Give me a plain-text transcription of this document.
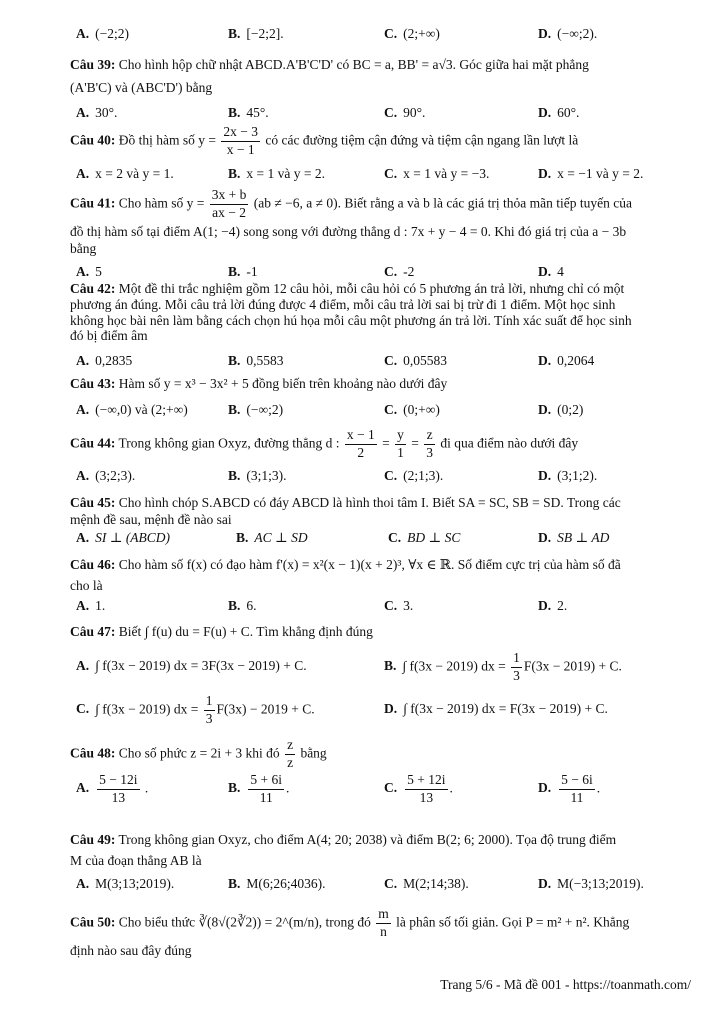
A. (−2;2)	B. [−2;2].	C. (2;+∞)	D. (−∞;2).
Câu 39: Cho hình hộp chữ nhật ABCD.A'B'C'D' có BC = a, BB' = a√3. Góc giữa hai mặt phẳng
(A'B'C) và (ABC'D') bằng
A. 30°.	B. 45°.	C. 90°.	D. 60°.
Câu 40: Đồ thị hàm số $y = \frac{2x - 3}{x - 1}$ có các đường tiệm cận đứng và tiệm cận ngang lần lượt là
A. x = 2 và y = 1.	B. x = 1 và y = 2.	C. x = 1 và y = −3.	D. x = −1 và y = 2.
Câu 41: Cho hàm số $y = \frac{3x + b}{ax - 2} (ab \ne -6$, a ≠ 0). Biết rằng a và b là các giá trị thỏa mãn tiếp tuyến của
đồ thị hàm số tại điểm A(1; −4) song song với đường thẳng d : 7x + y − 4 = 0. Khi đó giá trị của a − 3b
bằng
A. 5	B. -1	C. -2	D. 4
Câu 42: Một đề thi trắc nghiệm gồm 12 câu hỏi, mỗi câu hỏi có 5 phương án trả lời, nhưng chỉ có một
phương án đúng. Mỗi câu trả lời đúng được 4 điểm, mỗi câu trả lời sai bị trừ đi 1 điểm. Một học sinh
không học bài nên làm bằng cách chọn hú họa mỗi câu một phương án trả lời. Tính xác suất để học sinh
đó bị điểm âm
A. 0,2835	B. 0,5583	C. 0,05583	D. 0,2064
Câu 43: Hàm số y = x³ − 3x² + 5 đồng biến trên khoảng nào dưới đây
A. (−∞,0) và (2;+∞)	B. (−∞;2)	C. (0;+∞)	D. (0;2)
Câu 44: Trong không gian Oxyz, đường thẳng d : $\frac{x - 1}{2} = \frac{y}{1} = \frac{z}{3}$ đi qua điểm nào dưới đây
A. (3;2;3).	B. (3;1;3).	C. (2;1;3).	D. (3;1;2).
Câu 45: Cho hình chóp S.ABCD có đáy ABCD là hình thoi tâm I. Biết SA = SC, SB = SD. Trong các
mệnh đề sau, mệnh đề nào sai
A. SI ⊥ (ABCD)	B. AC ⊥ SD	C. BD ⊥ SC	D. SB ⊥ AD
Câu 46: Cho hàm số f(x) có đạo hàm f'(x) = x²(x − 1)(x + 2)³, ∀x ∈ ℝ. Số điểm cực trị của hàm số đã
cho là
A. 1.	B. 6.	C. 3.	D. 2.
Câu 47: Biết ∫ f(u) du = F(u) + C. Tìm khẳng định đúng
A. ∫ f(3x − 2019) dx = 3F(3x − 2019) + C.	B. ∫ f(3x − 2019) dx = $\frac{1}{3} F(3x - 2019) + C$.
C. ∫ f(3x − 2019) dx = $\frac{1}{3} F(3x) - 2019 + C$.	D. ∫ f(3x − 2019) dx = F(3x − 2019) + C.
Câu 48: Cho số phức z = 2i + 3 khi đó $\frac{z}{z}$ bằng
A. $\frac{5 - 12i}{13}$ .	B. $\frac{5 + 6i}{11}$ .	C. $\frac{5 + 12i}{13}$ .	D. $\frac{5 - 6i}{11}$ .
Câu 49: Trong không gian Oxyz, cho điểm A(4; 20; 2038) và điểm B(2; 6; 2000). Tọa độ trung điểm
M của đoạn thẳng AB là
A. M(3;13;2019).	B. M(6;26;4036).	C. M(2;14;38).	D. M(−3;13;2019).
Câu 50: Cho biểu thức ∛(8√(2∛2)) = 2^(m/n), trong đó $\frac{m}{n}$ là phân số tối giản. Gọi P = m² + n². Khẳng
định nào sau đây đúng
Trang 5/6 - Mã đề 001 - https://toanmath.com/
